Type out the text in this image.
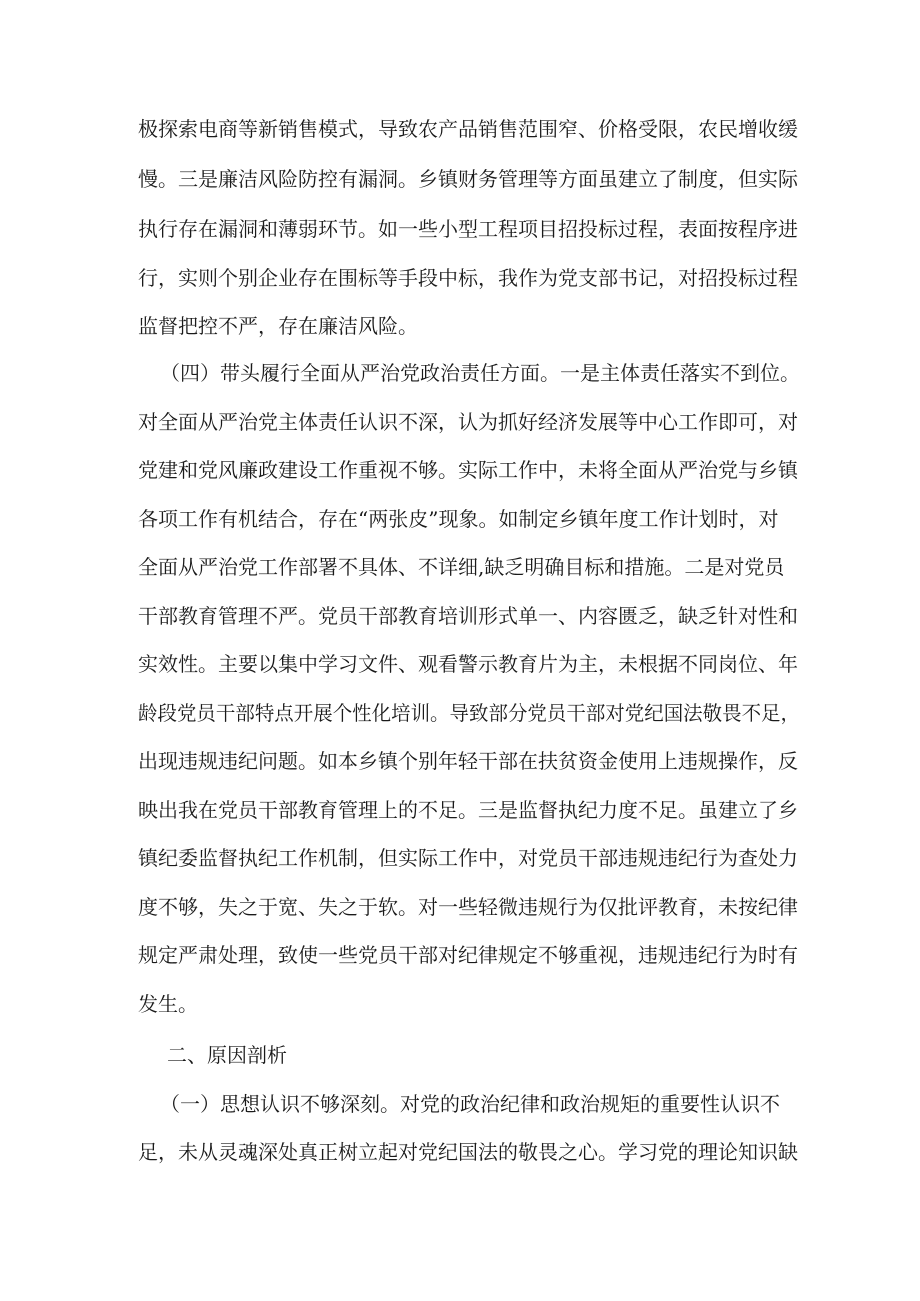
极探索电商等新销售模式，导致农产品销售范围窄、价格受限，农民增收缓
慢。三是廉洁风险防控有漏洞。乡镇财务管理等方面虽建立了制度，但实际
执行存在漏洞和薄弱环节。如一些小型工程项目招投标过程，表面按程序进
行，实则个别企业存在围标等手段中标，我作为党支部书记，对招投标过程
监督把控不严，存在廉洁风险。
（四）带头履行全面从严治党政治责任方面。一是主体责任落实不到位。
对全面从严治党主体责任认识不深，认为抓好经济发展等中心工作即可，对
党建和党风廉政建设工作重视不够。实际工作中，未将全面从严治党与乡镇
各项工作有机结合，存在“两张皮”现象。如制定乡镇年度工作计划时，对
全面从严治党工作部署不具体、不详细,缺乏明确目标和措施。二是对党员
干部教育管理不严。党员干部教育培训形式单一、内容匮乏，缺乏针对性和
实效性。主要以集中学习文件、观看警示教育片为主，未根据不同岗位、年
龄段党员干部特点开展个性化培训。导致部分党员干部对党纪国法敬畏不足，
出现违规违纪问题。如本乡镇个别年轻干部在扶贫资金使用上违规操作，反
映出我在党员干部教育管理上的不足。三是监督执纪力度不足。虽建立了乡
镇纪委监督执纪工作机制，但实际工作中，对党员干部违规违纪行为查处力
度不够，失之于宽、失之于软。对一些轻微违规行为仅批评教育，未按纪律
规定严肃处理，致使一些党员干部对纪律规定不够重视，违规违纪行为时有
发生。
二、原因剖析
（一）思想认识不够深刻。对党的政治纪律和政治规矩的重要性认识不
足，未从灵魂深处真正树立起对党纪国法的敬畏之心。学习党的理论知识缺
